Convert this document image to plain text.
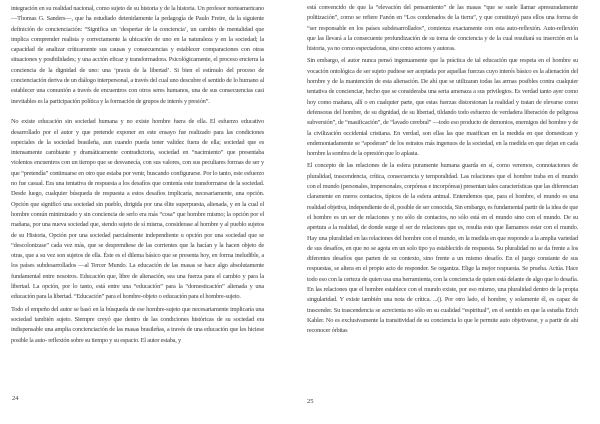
integración en su realidad nacional, como sujeto de su historia y de la historia. Un profesor norteamericano —Thomas G. Sanders—, que ha estudiado detenidamente la pedagogía de Paulo Freire, da la siguiente definición de concienciación: “Significa un ‘despertar de la conciencia’, un cambio de mentalidad que implica comprender realista y correctamente la ubicación de uno en la naturaleza y en la sociedad; la capacidad de analizar críticamente sus causas y consecuencias y establecer comparaciones con otras situaciones y posibilidades; y una acción eficaz y transformadora. Psicológicamente, el proceso encierra la conciencia de la dignidad de uno: una ‘praxis de la libertad’. Si bien el estímulo del proceso de concienciación deriva de un diálogo interpersonal, a través del cual uno descubre el sentido de lo humano al establecer una comunión a través de encuentros con otros seres humanos, una de sus consecuencias casi inevitables es la participación política y la formación de grupos de interés y presión”.

No existe educación sin sociedad humana y no existe hombre fuera de ella. El esfuerzo educativo desarrollado por el autor y que pretende exponer en este ensayo fue realizado para las condiciones especiales de la sociedad brasileña, aun cuando pueda tener validez fuera de ella; sociedad que es intensamente cambiante y dramáticamente contradictoria, sociedad en “nacimiento” que presentaba violentos encuentros con un tiempo que se desvanecía, con sus valores, con sus peculiares formas de ser y que “pretendía” continuarse en otro que estaba por venir, buscando configurarse. Por lo tanto, este esfuerzo no fue casual. Era una tentativa de respuesta a los desafíos que contenía este transformarse de la sociedad. Desde luego, cualquier búsqueda de respuesta a estos desafíos implicaría, necesariamente, una opción. Opción que significó una sociedad sin pueblo, dirigida por una élite superpuesta, alienada, y en la cual el hombre común minimizado y sin conciencia de serlo era más “cosa” que hombre mismo; la opción por el mañana, por una nueva sociedad que, siendo sujeto de sí misma, considerase al hombre y al pueblo sujetos de su Historia, Opción por una sociedad parcialmente independiente u opción por una sociedad que se “descolonizase” cada vez más, que se desprendiese de las corrientes que la hacían y la hacen objeto de otras, que a su vez son sujetos de ella. Éste es el dilema básico que se presenta hoy, en forma ineludible, a los países subdesarrollados —al Tercer Mundo. La educación de las masas se hace algo absolutamente fundamental entre nosotros. Educación que, libre de alienación, sea una fuerza para el cambio y para la libertad. La opción, por lo tanto, está entre una “educación” para la “domesticación” alienada y una educación para la libertad. “Educación” para el hombre-objeto o educación para el hombre-sujeto.

Todo el empeño del autor se basó en la búsqueda de ese hombre-sujeto que necesariamente implicaría una sociedad también sujeto. Siempre creyó que dentro de las condiciones históricas de su sociedad era indispensable una amplia concienciación de las masas brasileñas, a través de una educación que les hiciese posible la auto- reflexión sobre su tiempo y su espacio. El autor estaba, y

24

está convencido de que la “elevación del pensamiento” de las masas “que se suele llamar apresuradamente politización”, como se refiere Fanón en “Los condenados de la tierra”, y que constituyó para ellos una forma de “ser responsable en los países subdesarrollados”, comienza exactamente con esta auto-reflexión. Auto-reflexión que las llevará a la consecuente profundización de su toma de conciencia y de la cual resultará su inserción en la historia, ya no como espectadoras, sino como actores y autoras.

Sin embargo, el autor nunca pensó ingenuamente que la práctica de tal educación que respeta en el hombre su vocación ontológica de ser sujeto pudiese ser aceptada por aquellas fuerzas cuyo interés básico es la alienación del hombre y de la mantención de esta alienación. De ahí que se utilizaran todas las armas posibles contra cualquier tentativa de concienciar, hecho que se consideraba una seria amenaza a sus privilegios. Es verdad tanto ayer como hoy como mañana, allí o en cualquier parte, que estas fuerzas distorsionan la realidad y tratan de elevarse como defensoras del hombre, de su dignidad, de su libertad, tildando todo esfuerzo de verdadera liberación de peligrosa subversión”, de “masificación”, de “lavado cerebral” —todo eso producto de demonios, enemigos del hombre y de la civilización occidental cristiana. En verdad, son ellas las que masifican en la medida en que domestican y endemoniadamente se “apoderan” de los estratos más ingenuos de la sociedad, en la medida en que dejan en cada hombre la sombra de la opresión que lo aplasta.

El concepto de las relaciones de la esfera puramente humana guarda en sí, como veremos, connotaciones de pluralidad, trascendencia, crítica, consecuencia y temporalidad. Las relaciones que el hombre traba en el mundo con el mundo (personales, impersonales, corpóreas e incorpóreas) presentan tales características que las diferencian claramente en meros contactos, típicos de la esfera animal. Entendemos que, para el hombre, el mundo es una realidad objetiva, independiente de él, posible de ser conocida, Sin embargo, es fundamental partir de la idea de que el hombre es un ser de relaciones y no sólo de contactos, no sólo está en el mundo sino con el mundo. De su apertura a la realidad, de donde surge el ser de relaciones que es, resulta esto que llamamos estar con el mundo. Hay una pluralidad en las relaciones del hombre con el mundo, en la medida en que responde a la amplia variedad de sus desafíos, en que no se agota en un solo tipo ya establecido de respuesta. Su pluralidad no se da frente a los diferentes desafíos que parten de su contexto, sino frente a un mismo desafío. En el juego constante de sus respuestas, se altera en el propio acto de responder. Se organiza. Elige la mejor respuesta. Se prueba. Actúa. Hace todo eso con la certeza de quien usa una herramienta, con la conciencia de quien está delante de algo que lo desafía. En las relaciones que el hombre establece con el mundo existe, por eso mismo, una pluralidad dentro de la propia singularidad. Y existe también una nota de crítica. ...(). Por otro lado, el hombre, y solamente él, es capaz de trascender. Su trascendencia se acrecienta no sólo en su cualidad “espiritual”, en el sentido en que la estudia Erich Kahler. No es exclusivamente la transitividad de su conciencia lo que le permite auto objetivarse, y a partir de ahí reconocer órbitas

25
